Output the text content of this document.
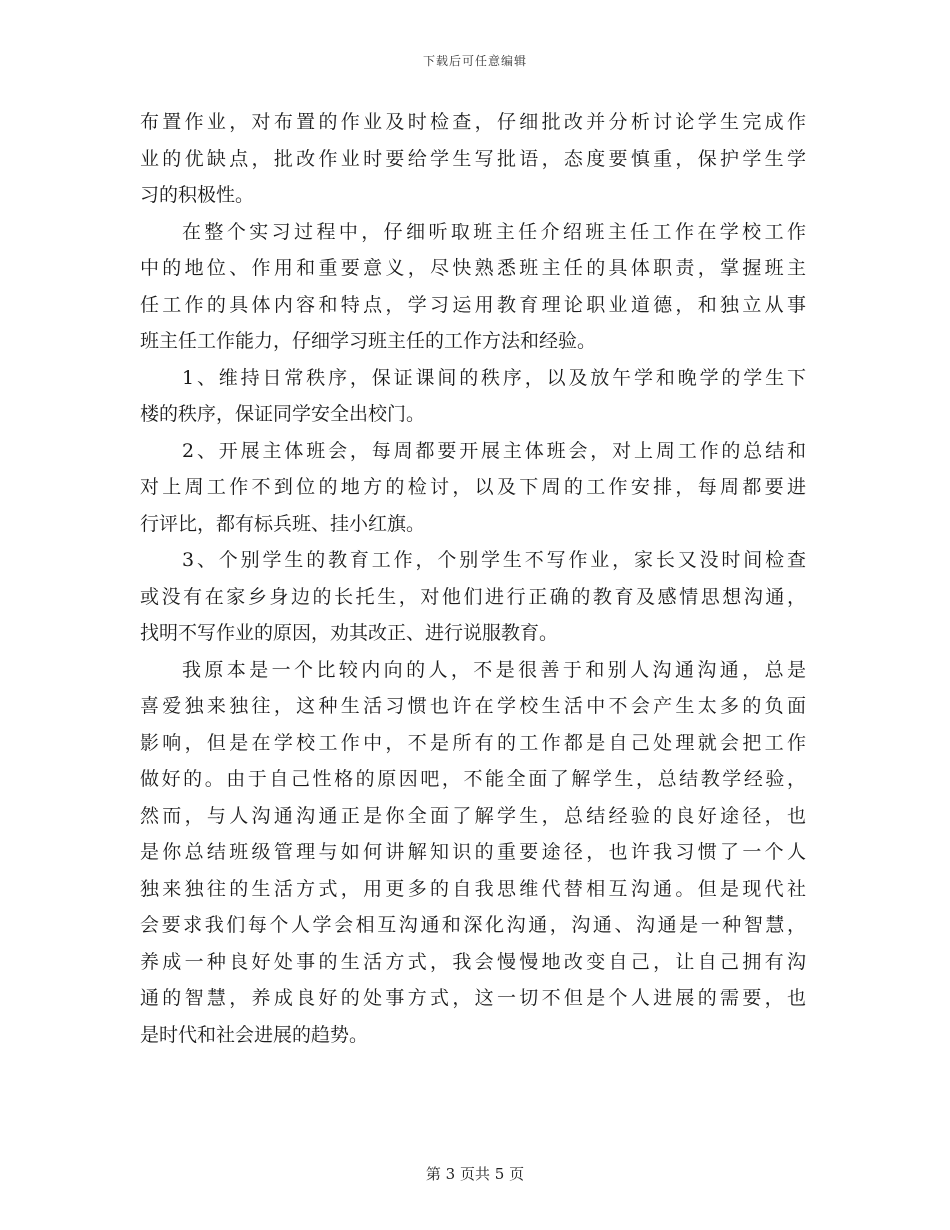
下载后可任意编辑
布置作业，对布置的作业及时检查，仔细批改并分析讨论学生完成作
业的优缺点，批改作业时要给学生写批语，态度要慎重，保护学生学
习的积极性。
在整个实习过程中，仔细听取班主任介绍班主任工作在学校工作
中的地位、作用和重要意义，尽快熟悉班主任的具体职责，掌握班主
任工作的具体内容和特点，学习运用教育理论职业道德，和独立从事
班主任工作能力，仔细学习班主任的工作方法和经验。
1、维持日常秩序，保证课间的秩序，以及放午学和晚学的学生下
楼的秩序，保证同学安全出校门。
2、开展主体班会，每周都要开展主体班会，对上周工作的总结和
对上周工作不到位的地方的检讨，以及下周的工作安排，每周都要进
行评比，都有标兵班、挂小红旗。
3、个别学生的教育工作，个别学生不写作业，家长又没时间检查
或没有在家乡身边的长托生，对他们进行正确的教育及感情思想沟通，
找明不写作业的原因，劝其改正、进行说服教育。
我原本是一个比较内向的人，不是很善于和别人沟通沟通，总是
喜爱独来独往，这种生活习惯也许在学校生活中不会产生太多的负面
影响，但是在学校工作中，不是所有的工作都是自己处理就会把工作
做好的。由于自己性格的原因吧，不能全面了解学生，总结教学经验，
然而，与人沟通沟通正是你全面了解学生，总结经验的良好途径，也
是你总结班级管理与如何讲解知识的重要途径，也许我习惯了一个人
独来独往的生活方式，用更多的自我思维代替相互沟通。但是现代社
会要求我们每个人学会相互沟通和深化沟通，沟通、沟通是一种智慧，
养成一种良好处事的生活方式，我会慢慢地改变自己，让自己拥有沟
通的智慧，养成良好的处事方式，这一切不但是个人进展的需要，也
是时代和社会进展的趋势。
第 3 页共 5 页
